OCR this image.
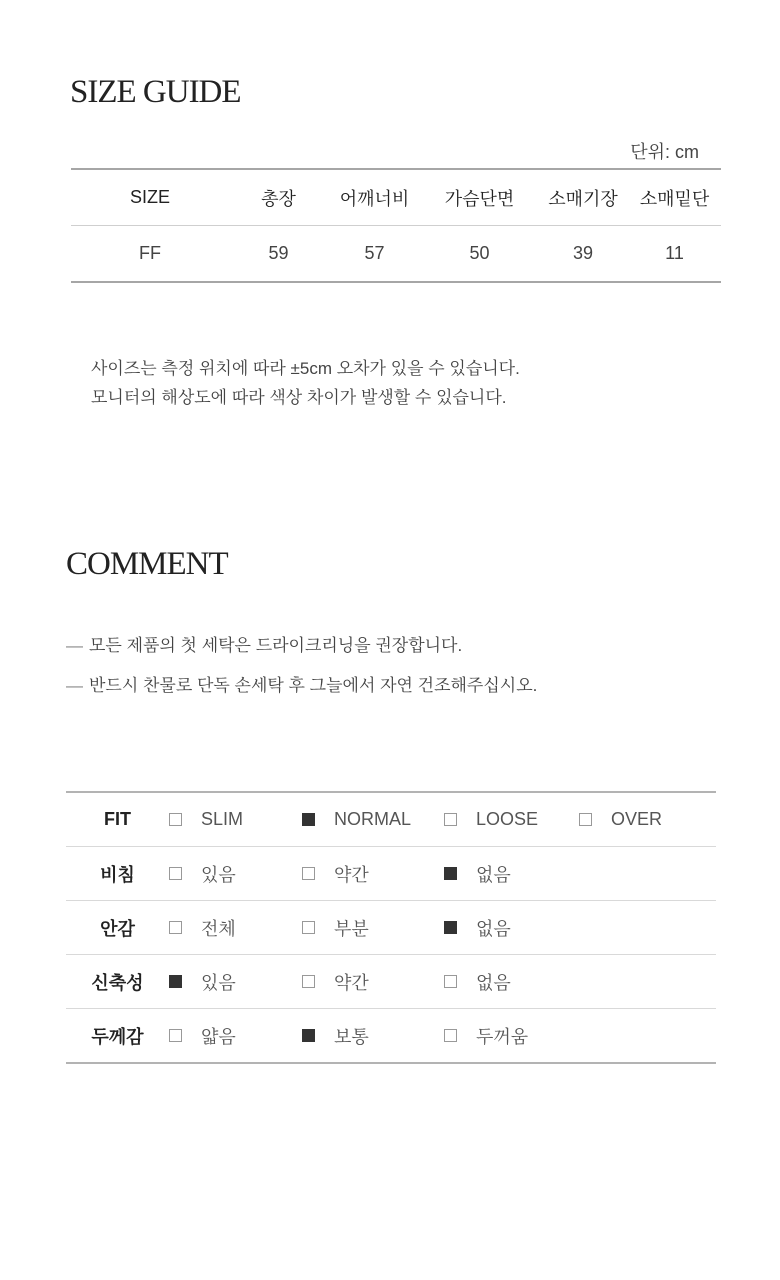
SIZE GUIDE
단위: cm
SIZE	총장	어깨너비	가슴단면	소매기장	소매밑단
FF	59	57	50	39	11

사이즈는 측정 위치에 따라 ±5cm 오차가 있을 수 있습니다.

모니터의 해상도에 따라 색상 차이가 발생할 수 있습니다.

COMMENT

— 모든 제품의 첫 세탁은 드라이크리닝을 권장합니다.

— 반드시 찬물로 단독 손세탁 후 그늘에서 자연 건조해주십시오.

FIT	SLIM	NORMAL	LOOSE	OVER

비침	있음	약간	없음	

안감	전체	부분	없음	

신축성	있음	약간	없음	

두께감	얇음	보통	두꺼움	
